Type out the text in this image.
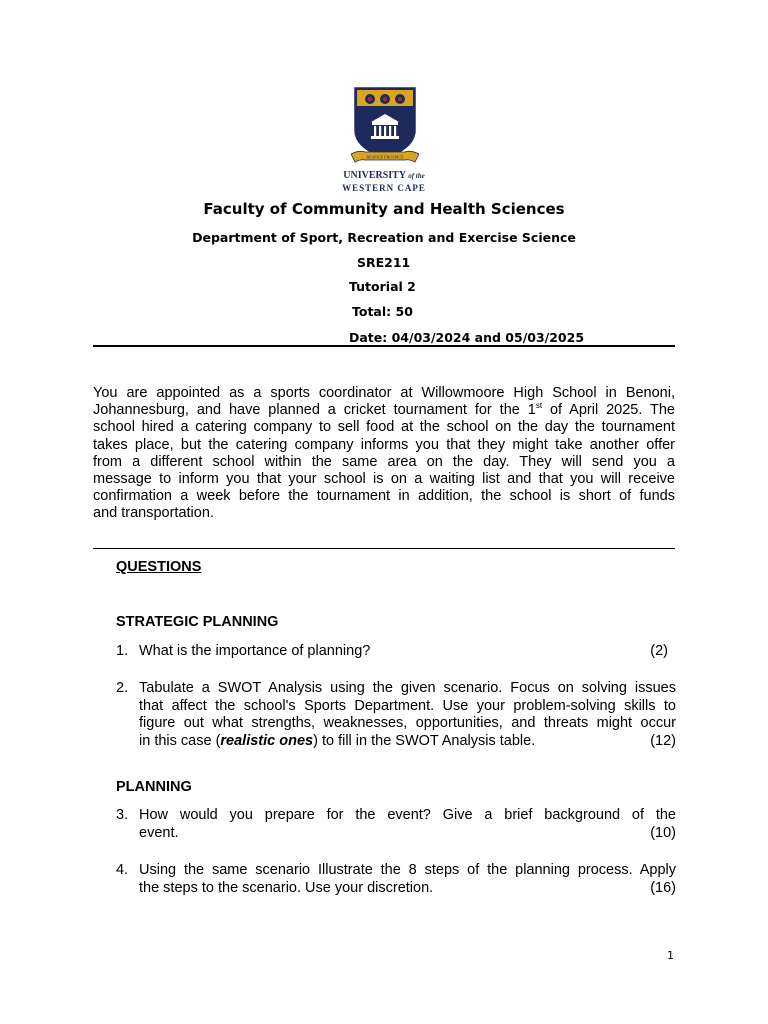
RESPICE PROSPICE
UNIVERSITY of the
WESTERN CAPE
Faculty of Community and Health Sciences
Department of Sport, Recreation and Exercise Science
SRE211
Tutorial 2
Total: 50
Date: 04/03/2024 and 05/03/2025
You are appointed as a sports coordinator at Willowmoore High School in Benoni,
Johannesburg, and have planned a cricket tournament for the 1st of April 2025. The
school hired a catering company to sell food at the school on the day the tournament
takes place, but the catering company informs you that they might take another offer
from a different school within the same area on the day. They will send you a
message to inform you that your school is on a waiting list and that you will receive
confirmation a week before the tournament in addition, the school is short of funds
and transportation.
QUESTIONS
STRATEGIC PLANNING
1. What is the importance of planning?	(2)
2. Tabulate a SWOT Analysis using the given scenario. Focus on solving issues
that affect the school's Sports Department. Use your problem-solving skills to
figure out what strengths, weaknesses, opportunities, and threats might occur
in this case (realistic ones) to fill in the SWOT Analysis table.	(12)
PLANNING
3. How would you prepare for the event? Give a brief background of the
event.	(10)
4. Using the same scenario Illustrate the 8 steps of the planning process. Apply
the steps to the scenario. Use your discretion.	(16)
1
